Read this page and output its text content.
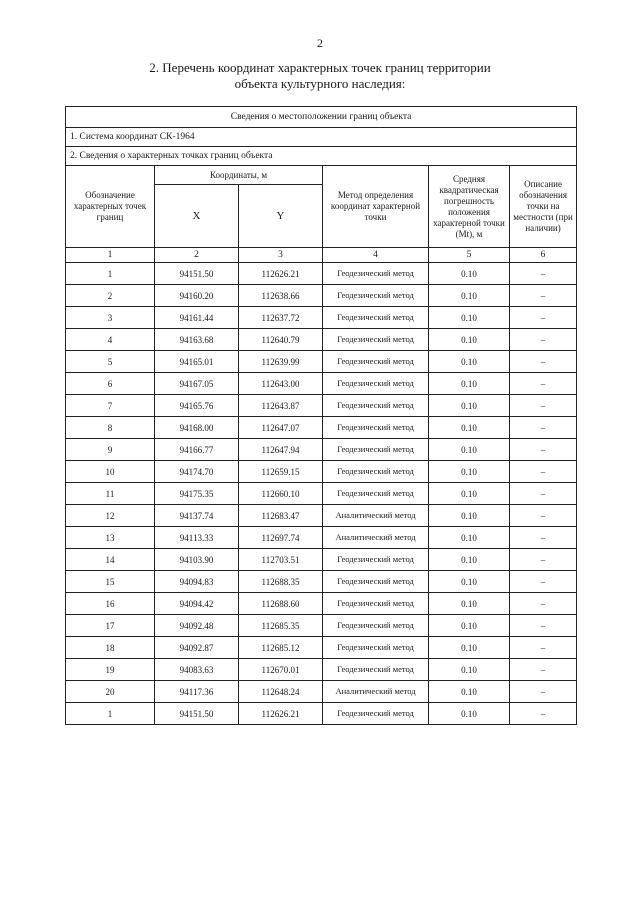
2
2. Перечень координат характерных точек границ территории
объекта культурного наследия:
Сведения о местоположении границ объекта					
1. Система координат СК-1964					
2. Сведения о характерных точках границ объекта					
Обозначение характерных точек границ	Координаты, м		Метод определения координат характерной точки	Средняя квадратическая погрешность положения характерной точки (Mt), м	Описание обозначения точки на местности (при наличии)
	X	Y			
1	2	3	4	5	6
1	94151.50	112626.21	Геодезический метод	0.10	–
2	94160.20	112638.66	Геодезический метод	0.10	–
3	94161.44	112637.72	Геодезический метод	0.10	–
4	94163.68	112640.79	Геодезический метод	0.10	–
5	94165.01	112639.99	Геодезический метод	0.10	–
6	94167.05	112643.00	Геодезический метод	0.10	–
7	94165.76	112643.87	Геодезический метод	0.10	–
8	94168.00	112647.07	Геодезический метод	0.10	–
9	94166.77	112647.94	Геодезический метод	0.10	–
10	94174.70	112659.15	Геодезический метод	0.10	–
11	94175.35	112660.10	Геодезический метод	0.10	–
12	94137.74	112683.47	Аналитический метод	0.10	–
13	94113.33	112697.74	Аналитический метод	0.10	–
14	94103.90	112703.51	Геодезический метод	0.10	–
15	94094.83	112688.35	Геодезический метод	0.10	–
16	94094.42	112688.60	Геодезический метод	0.10	–
17	94092.48	112685.35	Геодезический метод	0.10	–
18	94092.87	112685.12	Геодезический метод	0.10	–
19	94083.63	112670.01	Геодезический метод	0.10	–
20	94117.36	112648.24	Аналитический метод	0.10	–
1	94151.50	112626.21	Геодезический метод	0.10	–
